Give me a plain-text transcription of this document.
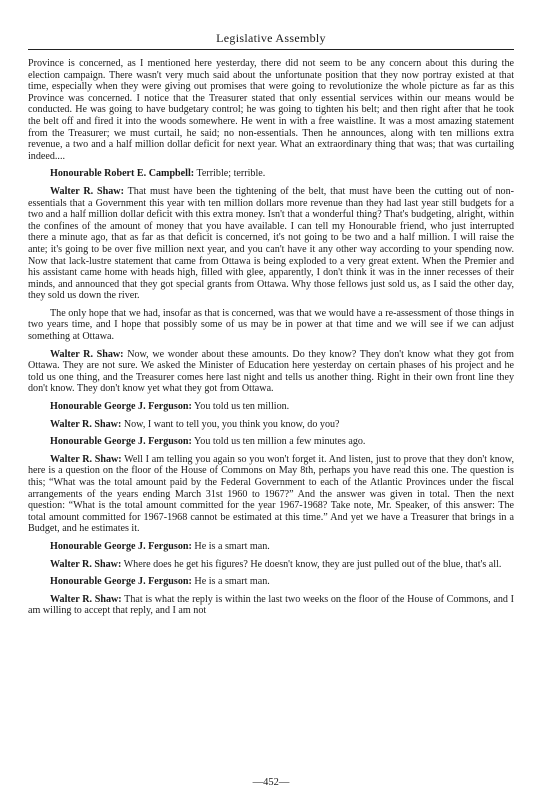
Legislative Assembly

Province is concerned, as I mentioned here yesterday, there did not seem to be any concern about this during the election campaign. There wasn't very much said about the unfortunate position that they now portray existed at that time, especially when they were giving out promises that were going to revolutionize the whole picture as far as this Province was concerned. I notice that the Treasurer stated that only essential services within our means would be conducted. He was going to have budgetary control; he was going to tighten his belt; and then right after that he took the belt off and fired it into the woods somewhere. He went in with a free waistline. It was a most amazing statement from the Treasurer; we must curtail, he said; no non-essentials. Then he announces, along with ten millions extra revenue, a two and a half million dollar deficit for next year. What an extraordinary thing that was; that was curtailing indeed....

Honourable Robert E. Campbell: Terrible; terrible.

Walter R. Shaw: That must have been the tightening of the belt, that must have been the cutting out of non-essentials that a Government this year with ten million dollars more revenue than they had last year still budgets for a two and a half million dollar deficit with this extra money. Isn't that a wonderful thing? That's budgeting, alright, within the confines of the amount of money that you have available. I can tell my Honourable friend, who just interrupted there a minute ago, that as far as that deficit is concerned, it's not going to be two and a half million. I will raise the ante; it's going to be over five million next year, and you can't have it any other way according to your spending now. Now that lack-lustre statement that came from Ottawa is being exploded to a very great extent. When the Premier and his assistant came home with heads high, filled with glee, apparently, I don't think it was in the inner recesses of their minds, and announced that they got special grants from Ottawa. Why those fellows just sold us, as I said the other day, they sold us down the river.

The only hope that we had, insofar as that is concerned, was that we would have a re-assessment of those things in two years time, and I hope that possibly some of us may be in power at that time and we will see if we can adjust something at Ottawa.

Walter R. Shaw: Now, we wonder about these amounts. Do they know? They don't know what they got from Ottawa. They are not sure. We asked the Minister of Education here yesterday on certain phases of his project and he told us one thing, and the Treasurer comes here last night and tells us another thing. Right in their own front line they don't know. They don't know yet what they got from Ottawa.

Honourable George J. Ferguson: You told us ten million.

Walter R. Shaw: Now, I want to tell you, you think you know, do you?

Honourable George J. Ferguson: You told us ten million a few minutes ago.

Walter R. Shaw: Well I am telling you again so you won't forget it. And listen, just to prove that they don't know, here is a question on the floor of the House of Commons on May 8th, perhaps you have read this one. The question is this; “What was the total amount paid by the Federal Government to each of the Atlantic Provinces under the fiscal arrangements of the years ending March 31st 1960 to 1967?” And the answer was given in total. Then the next question: “What is the total amount committed for the year 1967-1968? Take note, Mr. Speaker, of this answer: The total amount committed for 1967-1968 cannot be estimated at this time.” And yet we have a Treasurer that brings in a Budget, and he estimates it.

Honourable George J. Ferguson: He is a smart man.

Walter R. Shaw: Where does he get his figures? He doesn't know, they are just pulled out of the blue, that's all.

Honourable George J. Ferguson: He is a smart man.

Walter R. Shaw: That is what the reply is within the last two weeks on the floor of the House of Commons, and I am willing to accept that reply, and I am not

—452—
